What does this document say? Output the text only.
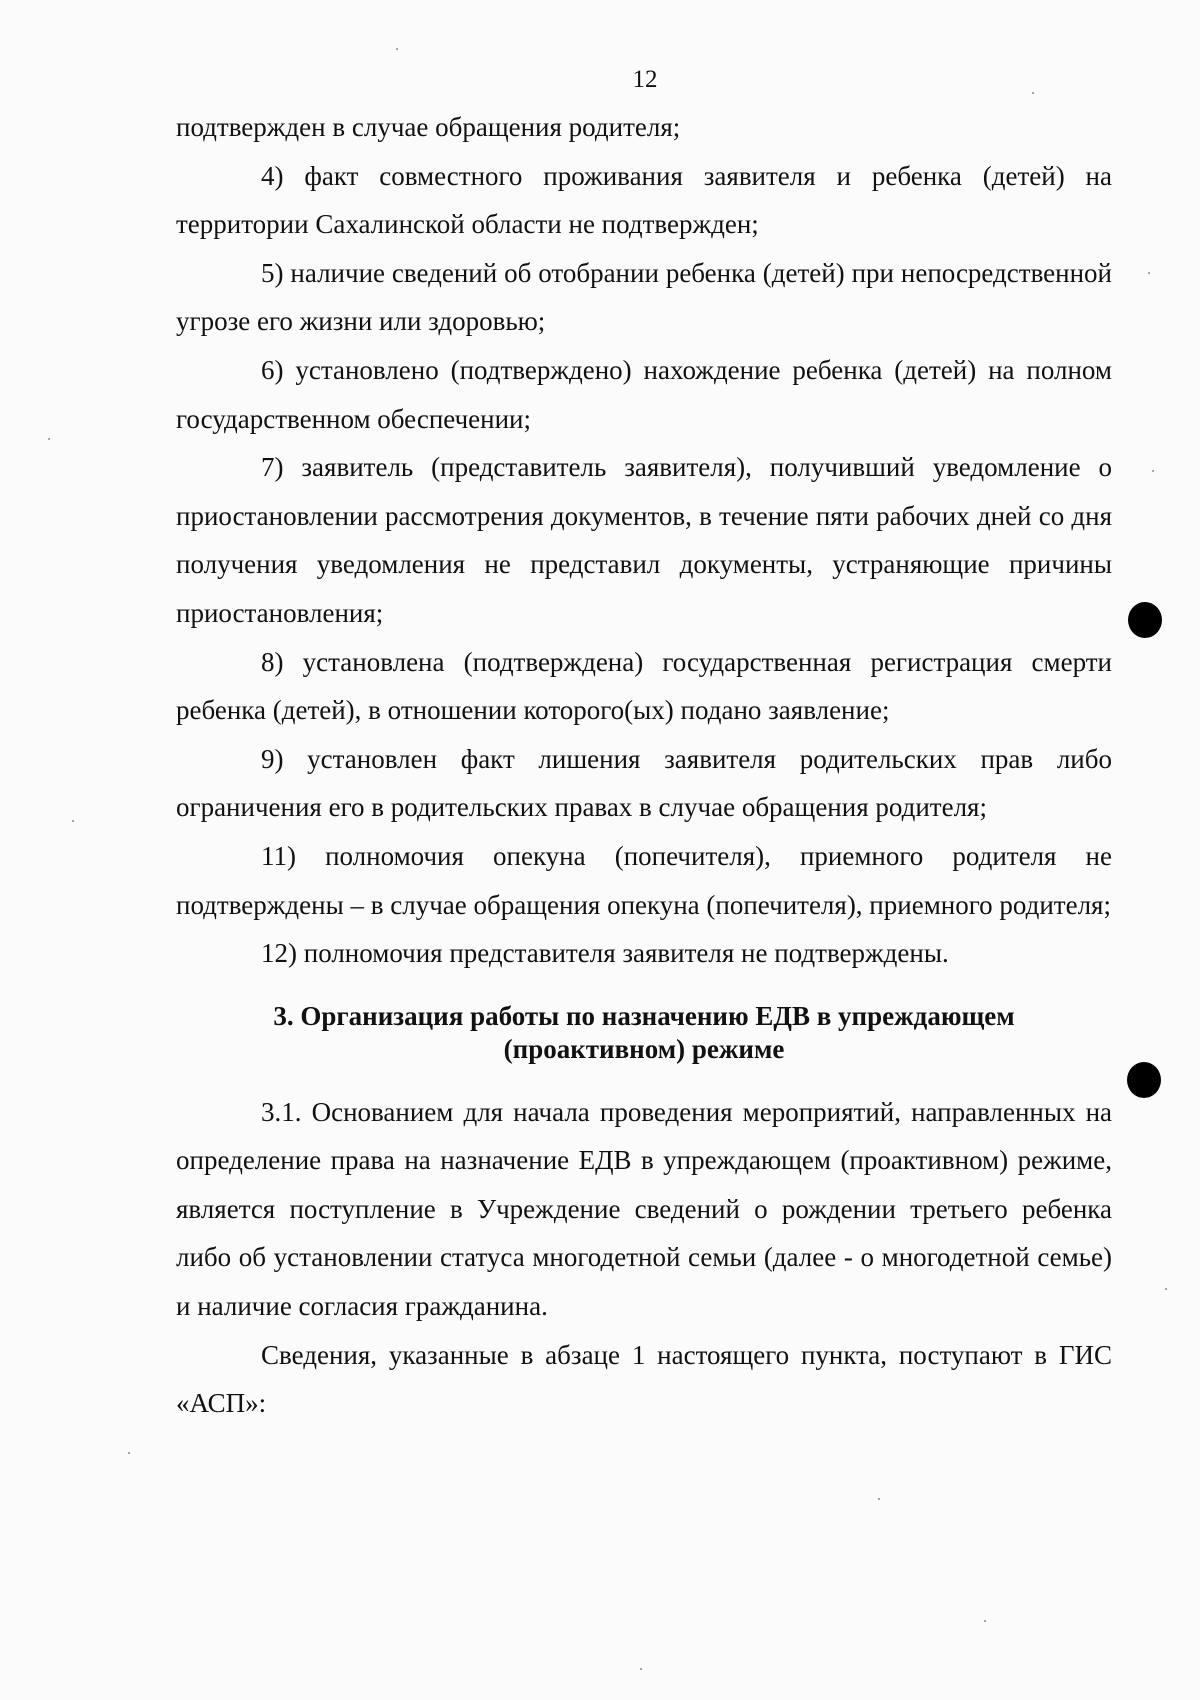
12

подтвержден в случае обращения родителя;

4) факт совместного проживания заявителя и ребенка (детей) на территории Сахалинской области не подтвержден;

5) наличие сведений об отобрании ребенка (детей) при непосредственной угрозе его жизни или здоровью;

6) установлено (подтверждено) нахождение ребенка (детей) на полном государственном обеспечении;

7) заявитель (представитель заявителя), получивший уведомление о приостановлении рассмотрения документов, в течение пяти рабочих дней со дня получения уведомления не представил документы, устраняющие причины приостановления;

8) установлена (подтверждена) государственная регистрация смерти ребенка (детей), в отношении которого(ых) подано заявление;

9) установлен факт лишения заявителя родительских прав либо ограничения его в родительских правах в случае обращения родителя;

11) полномочия опекуна (попечителя), приемного родителя не подтверждены – в случае обращения опекуна (попечителя), приемного родителя;

12) полномочия представителя заявителя не подтверждены.

3. Организация работы по назначению ЕДВ в упреждающем
(проактивном) режиме

3.1. Основанием для начала проведения мероприятий, направленных на определение права на назначение ЕДВ в упреждающем (проактивном) режиме, является поступление в Учреждение сведений о рождении третьего ребенка либо об установлении статуса многодетной семьи (далее - о многодетной семье) и наличие согласия гражданина.

Сведения, указанные в абзаце 1 настоящего пункта, поступают в ГИС «АСП»:
